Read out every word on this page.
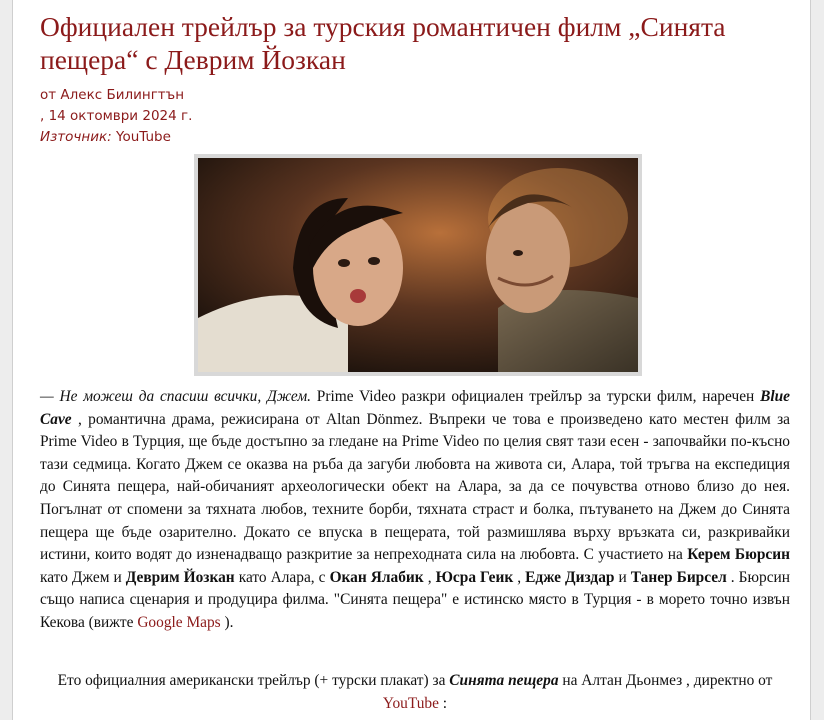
Официален трейлър за турския романтичен филм „Синята пещера“ с Деврим Йозкан
от Алекс Билингтън
, 14 октомври 2024 г.
Източник: YouTube

— Не можеш да спасиш всички, Джем. Prime Video разкри официален трейлър за турски филм, наречен Blue Cave , романтична драма, режисирана от Altan Dönmez. Въпреки че това е произведено като местен филм за Prime Video в Турция, ще бъде достъпно за гледане на Prime Video по целия свят тази есен - започвайки по-късно тази седмица. Когато Джем се оказва на ръба да загуби любовта на живота си, Алара, той тръгва на експедиция до Синята пещера, най-обичаният археологически обект на Алара, за да се почувства отново близо до нея. Погълнат от спомени за тяхната любов, техните борби, тяхната страст и болка, пътуването на Джем до Синята пещера ще бъде озарително. Докато се впуска в пещерата, той размишлява върху връзката си, разкривайки истини, които водят до изненадващо разкритие за непреходната сила на любовта. С участието на Керем Бюрсин като Джем и Деврим Йозкан като Алара, с Окан Ялабик , Юсра Геик , Едже Диздар и Танер Бирсел . Бюрсин също написа сценария и продуцира филма. "Синята пещера" е истинско място в Турция - в морето точно извън Кекова (вижте Google Maps ).

Ето официалния американски трейлър (+ турски плакат) за Синята пещера на Алтан Дьонмез , директно от YouTube :
